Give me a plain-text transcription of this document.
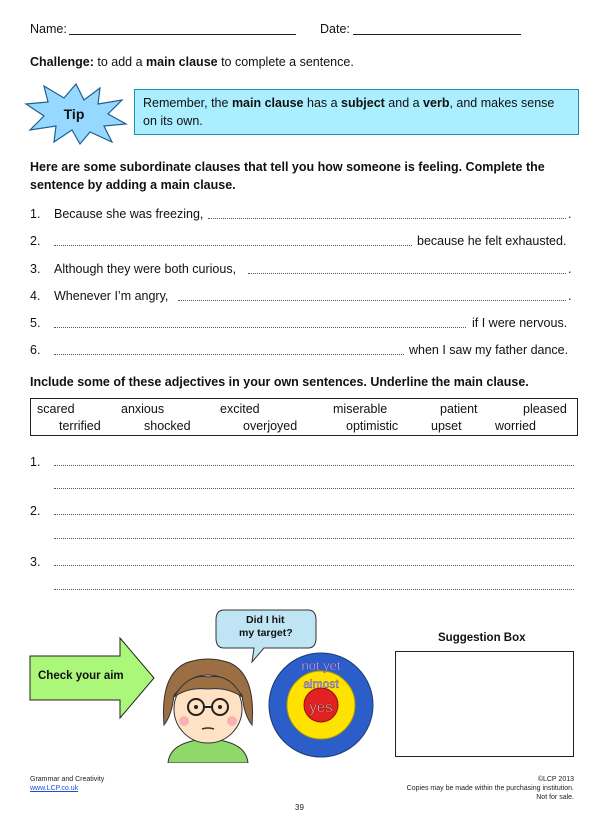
Name:	Date:
Challenge: to add a main clause to complete a sentence.
Tip
Remember, the main clause has a subject and a verb, and makes sense
on its own.
Here are some subordinate clauses that tell you how someone is feeling. Complete the
sentence by adding a main clause.
1. Because she was freezing,	.
2.	because he felt exhausted.
3. Although they were both curious,	.
4. Whenever I’m angry,	.
5.	if I were nervous.
6.	when I saw my father dance.
Include some of these adjectives in your own sentences. Underline the main clause.
scared	anxious	excited	miserable	patient	pleased
terrified	shocked	overjoyed	optimistic	upset	worried
1.
2.
3.
Check your aim
Did I hit
my target?
not yet
almost
yes
Suggestion Box
Grammar and Creativity
www.LCP.co.uk
©LCP 2013
Copies may be made within the purchasing institution.
Not for sale.
39
